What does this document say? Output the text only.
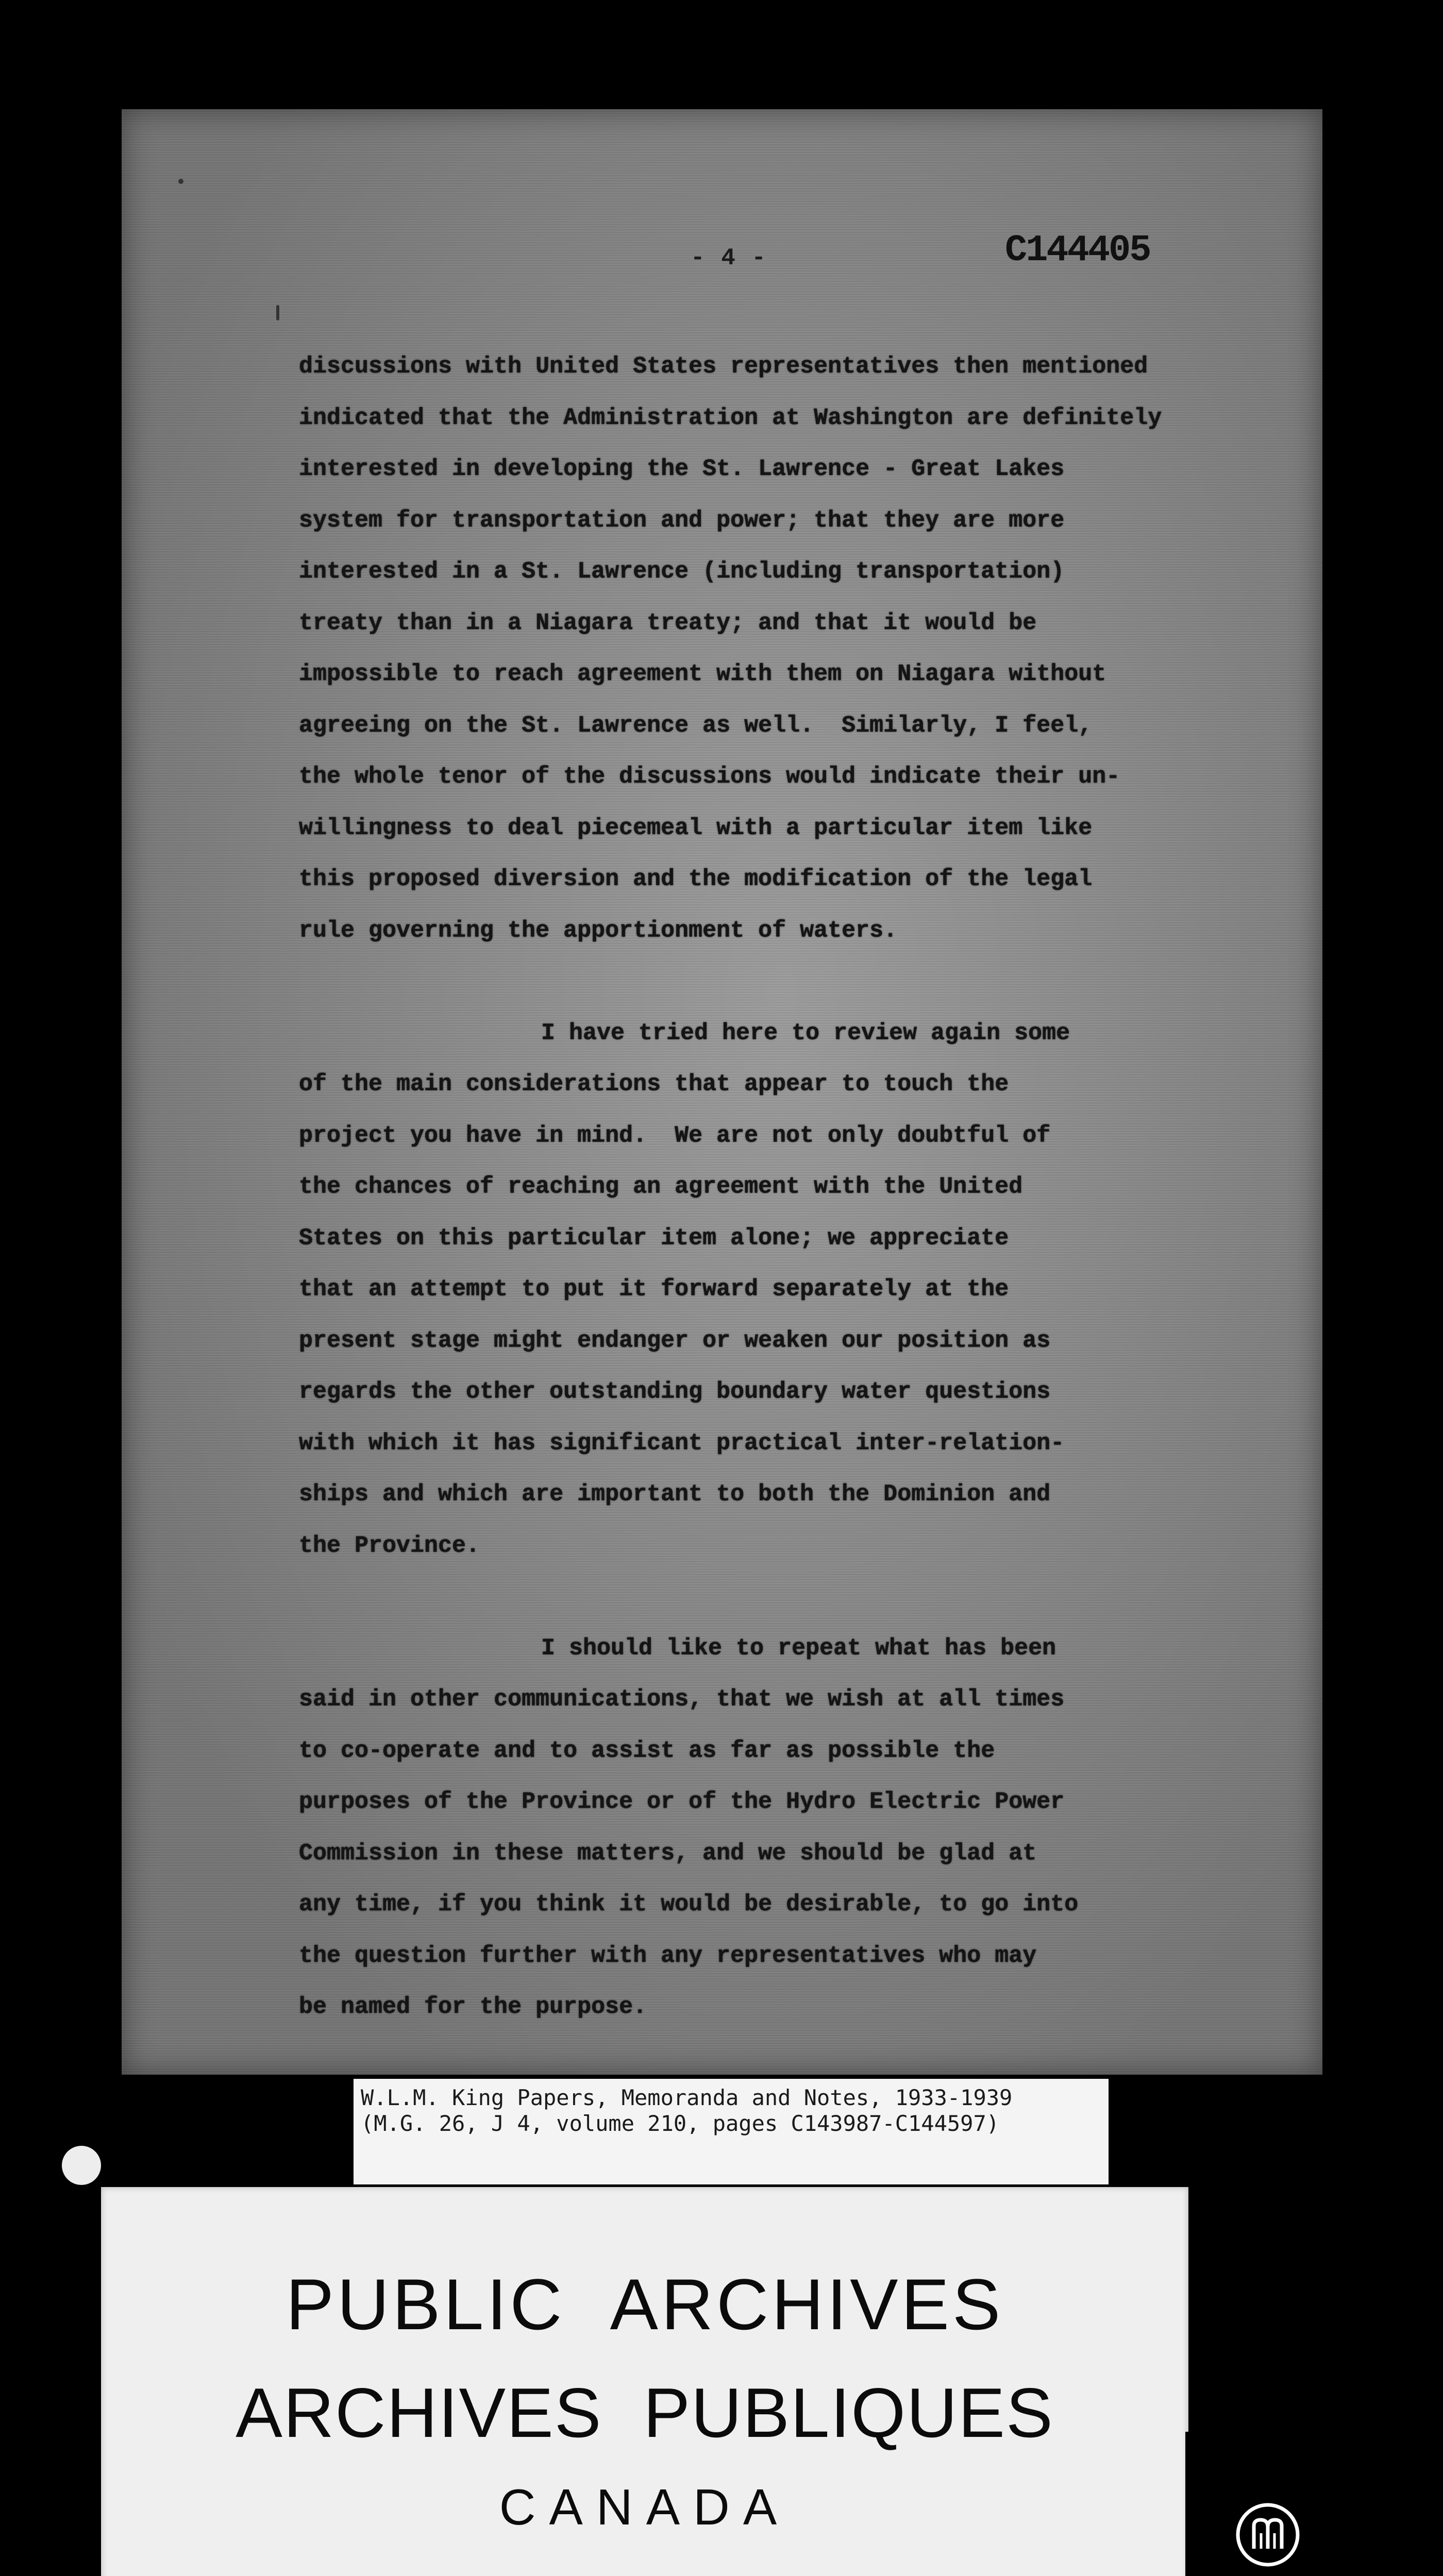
- 4 -	C144405
discussions with United States representatives then mentioned
indicated that the Administration at Washington are definitely
interested in developing the St. Lawrence - Great Lakes
system for transportation and power; that they are more
interested in a St. Lawrence (including transportation)
treaty than in a Niagara treaty; and that it would be
impossible to reach agreement with them on Niagara without
agreeing on the St. Lawrence as well.  Similarly, I feel,
the whole tenor of the discussions would indicate their un-
willingness to deal piecemeal with a particular item like
this proposed diversion and the modification of the legal
rule governing the apportionment of waters.
I have tried here to review again some
of the main considerations that appear to touch the
project you have in mind.  We are not only doubtful of
the chances of reaching an agreement with the United
States on this particular item alone; we appreciate
that an attempt to put it forward separately at the
present stage might endanger or weaken our position as
regards the other outstanding boundary water questions
with which it has significant practical inter-relation-
ships and which are important to both the Dominion and
the Province.
I should like to repeat what has been
said in other communications, that we wish at all times
to co-operate and to assist as far as possible the
purposes of the Province or of the Hydro Electric Power
Commission in these matters, and we should be glad at
any time, if you think it would be desirable, to go into
the question further with any representatives who may
be named for the purpose.
W.L.M. King Papers, Memoranda and Notes, 1933-1939
(M.G. 26, J 4, volume 210, pages C143987-C144597)
PUBLIC ARCHIVES
ARCHIVES PUBLIQUES
CANADA
